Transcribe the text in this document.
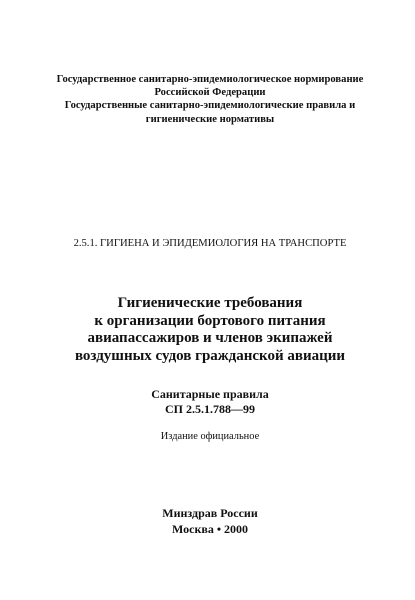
Государственное санитарно-эпидемиологическое нормирование
Российской Федерации
Государственные санитарно-эпидемиологические правила и
гигиенические нормативы
2.5.1. ГИГИЕНА И ЭПИДЕМИОЛОГИЯ НА ТРАНСПОРТЕ
Гигиенические требования
к организации бортового питания
авиапассажиров и членов экипажей
воздушных судов гражданской авиации
Санитарные правила
СП 2.5.1.788—99
Издание официальное
Минздрав России
Москва • 2000
